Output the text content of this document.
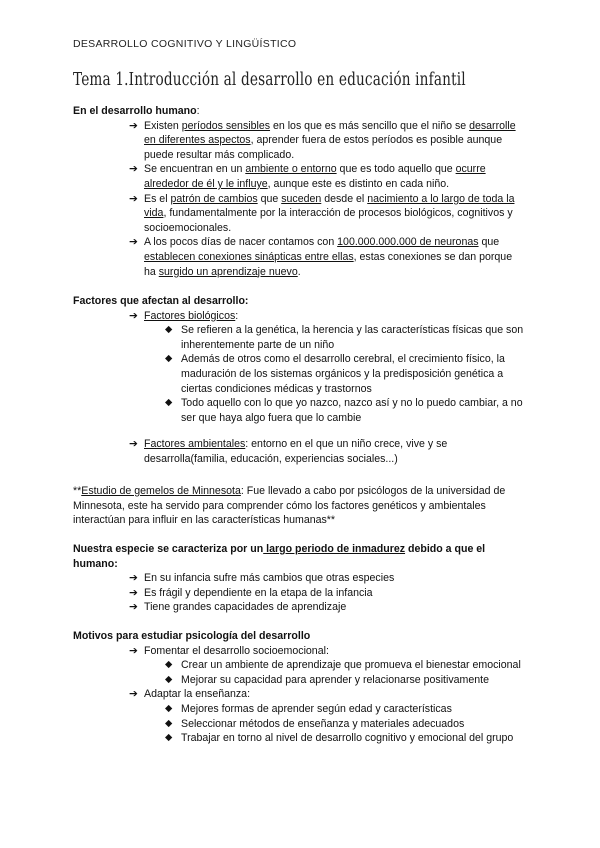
DESARROLLO COGNITIVO Y LINGÜÍSTICO
Tema 1.Introducción al desarrollo en educación infantil
En el desarrollo humano:
➔ Existen períodos sensibles en los que es más sencillo que el niño se desarrolle en diferentes aspectos, aprender fuera de estos períodos es posible aunque puede resultar más complicado.
➔ Se encuentran en un ambiente o entorno que es todo aquello que ocurre alrededor de él y le influye, aunque este es distinto en cada niño.
➔ Es el patrón de cambios que suceden desde el nacimiento a lo largo de toda la vida, fundamentalmente por la interacción de procesos biológicos, cognitivos y socioemocionales.
➔ A los pocos días de nacer contamos con 100.000.000.000 de neuronas que establecen conexiones sinápticas entre ellas, estas conexiones se dan porque ha surgido un aprendizaje nuevo.
Factores que afectan al desarrollo:
➔ Factores biológicos:
◆ Se refieren a la genética, la herencia y las características físicas que son inherentemente parte de un niño
◆ Además de otros como el desarrollo cerebral, el crecimiento físico, la maduración de los sistemas orgánicos y la predisposición genética a ciertas condiciones médicas y trastornos
◆ Todo aquello con lo que yo nazco, nazco así y no lo puedo cambiar, a no ser que haya algo fuera que lo cambie
➔ Factores ambientales: entorno en el que un niño crece, vive y se desarrolla(familia, educación, experiencias sociales...)
**Estudio de gemelos de Minnesota: Fue llevado a cabo por psicólogos de la universidad de Minnesota, este ha servido para comprender cómo los factores genéticos y ambientales interactúan para influir en las características humanas**
Nuestra especie se caracteriza por un largo periodo de inmadurez debido a que el humano:
➔ En su infancia sufre más cambios que otras especies
➔ Es frágil y dependiente en la etapa de la infancia
➔ Tiene grandes capacidades de aprendizaje
Motivos para estudiar psicología del desarrollo
➔ Fomentar el desarrollo socioemocional:
◆ Crear un ambiente de aprendizaje que promueva el bienestar emocional
◆ Mejorar su capacidad para aprender y relacionarse positivamente
➔ Adaptar la enseñanza:
◆ Mejores formas de aprender según edad y características
◆ Seleccionar métodos de enseñanza y materiales adecuados
◆ Trabajar en torno al nivel de desarrollo cognitivo y emocional del grupo
